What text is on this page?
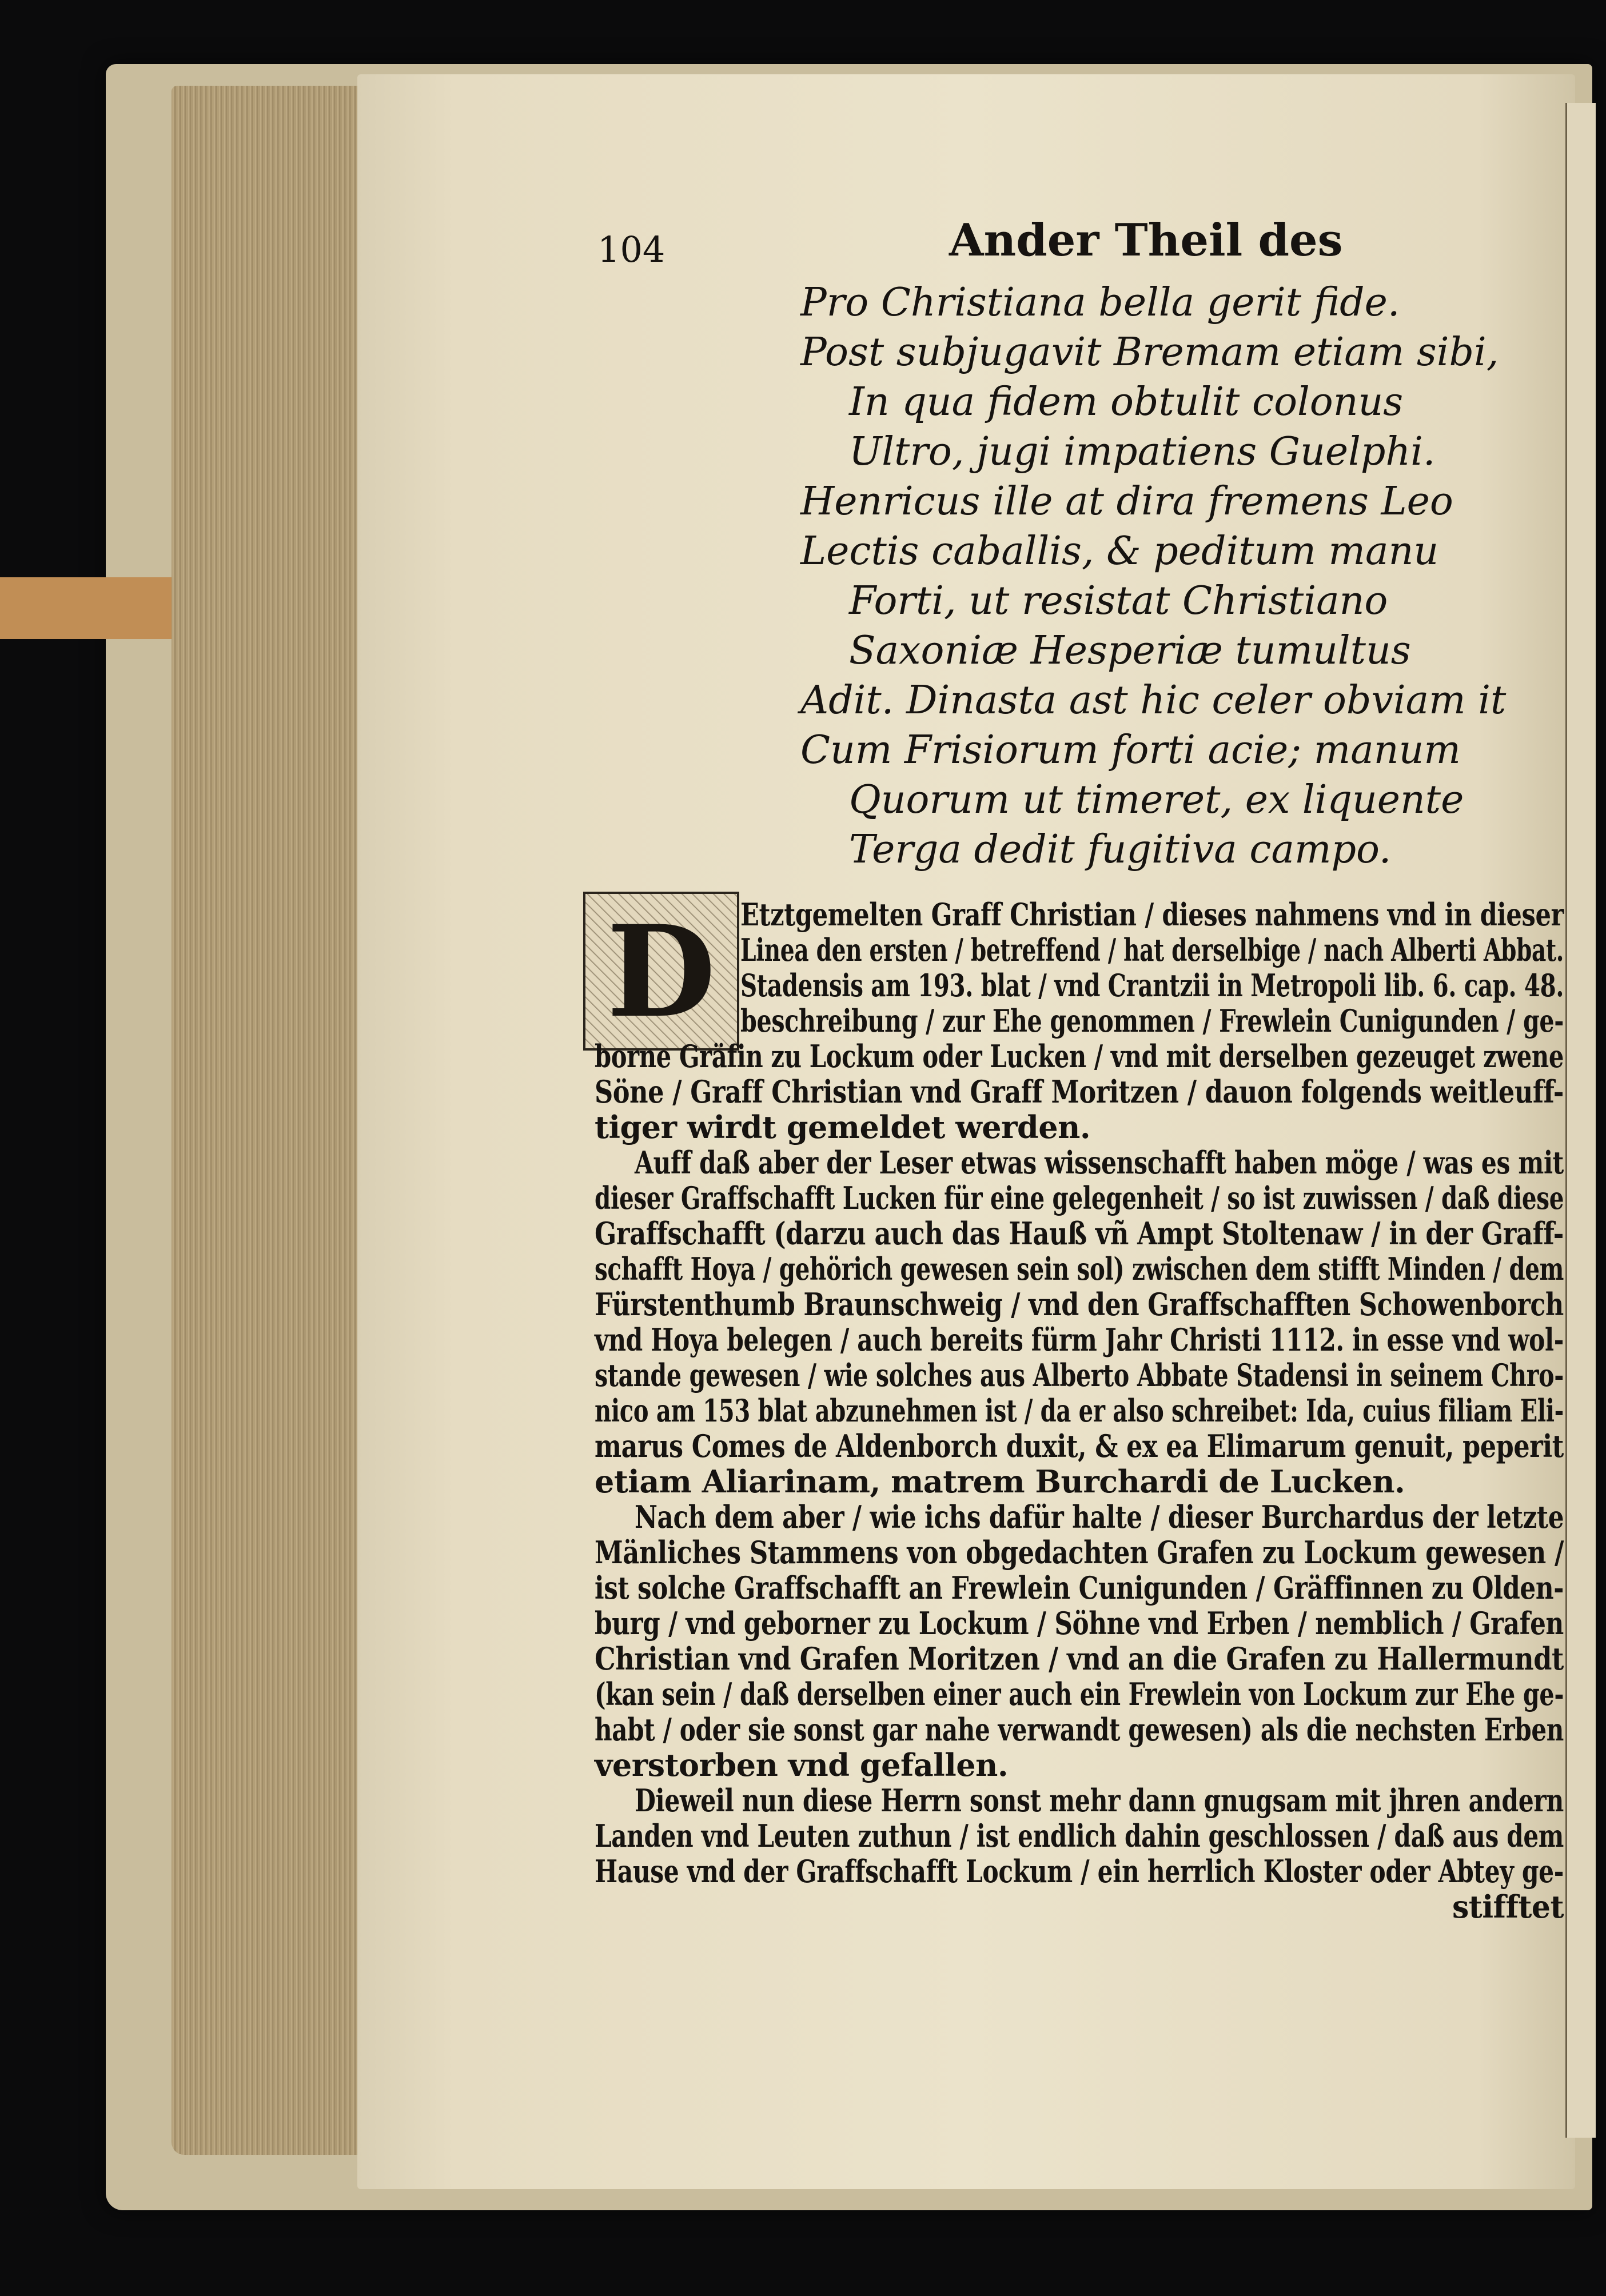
104	Ander Theil des
Pro Christiana bella gerit fide.
Post subjugavit Bremam etiam sibi,
In qua fidem obtulit colonus
Ultro, jugi impatiens Guelphi.
Henricus ille at dira fremens Leo
Lectis caballis, & peditum manu
Forti, ut resistat Christiano
Saxoniæ Hesperiæ tumultus
Adit. Dinasta ast hic celer obviam it
Cum Frisiorum forti acie; manum
Quorum ut timeret, ex liquente
Terga dedit fugitiva campo.
D Etztgemelten Graff Christian / dieses nahmens vnd in dieser
Linea den ersten / betreffend / hat derselbige / nach Alberti Abbat.
Stadensis am 193. blat / vnd Crantzii in Metropoli lib. 6. cap. 48.
beschreibung / zur Ehe genommen / Frewlein Cunigunden / ge-
borne Gräfin zu Lockum oder Lucken / vnd mit derselben gezeuget zwene
Söne / Graff Christian vnd Graff Moritzen / dauon folgends weitleuff-
tiger wirdt gemeldet werden.
Auff daß aber der Leser etwas wissenschafft haben möge / was es mit
dieser Graffschafft Lucken für eine gelegenheit / so ist zuwissen / daß diese
Graffschafft (darzu auch das Hauß vñ Ampt Stoltenaw / in der Graff-
schafft Hoya / gehörich gewesen sein sol) zwischen dem stifft Minden / dem
Fürstenthumb Braunschweig / vnd den Graffschafften Schowenborch
vnd Hoya belegen / auch bereits fürm Jahr Christi 1112. in esse vnd wol-
stande gewesen / wie solches aus Alberto Abbate Stadensi in seinem Chro-
nico am 153 blat abzunehmen ist / da er also schreibet: Ida, cuius filiam Eli-
marus Comes de Aldenborch duxit, & ex ea Elimarum genuit, peperit
etiam Aliarinam, matrem Burchardi de Lucken.
Nach dem aber / wie ichs dafür halte / dieser Burchardus der letzte
Mänliches Stammens von obgedachten Grafen zu Lockum gewesen /
ist solche Graffschafft an Frewlein Cunigunden / Gräffinnen zu Olden-
burg / vnd geborner zu Lockum / Söhne vnd Erben / nemblich / Grafen
Christian vnd Grafen Moritzen / vnd an die Grafen zu Hallermundt
(kan sein / daß derselben einer auch ein Frewlein von Lockum zur Ehe ge-
habt / oder sie sonst gar nahe verwandt gewesen) als die nechsten Erben
verstorben vnd gefallen.
Dieweil nun diese Herrn sonst mehr dann gnugsam mit jhren andern
Landen vnd Leuten zuthun / ist endlich dahin geschlossen / daß aus dem
Hause vnd der Graffschafft Lockum / ein herrlich Kloster oder Abtey ge-
stifftet
